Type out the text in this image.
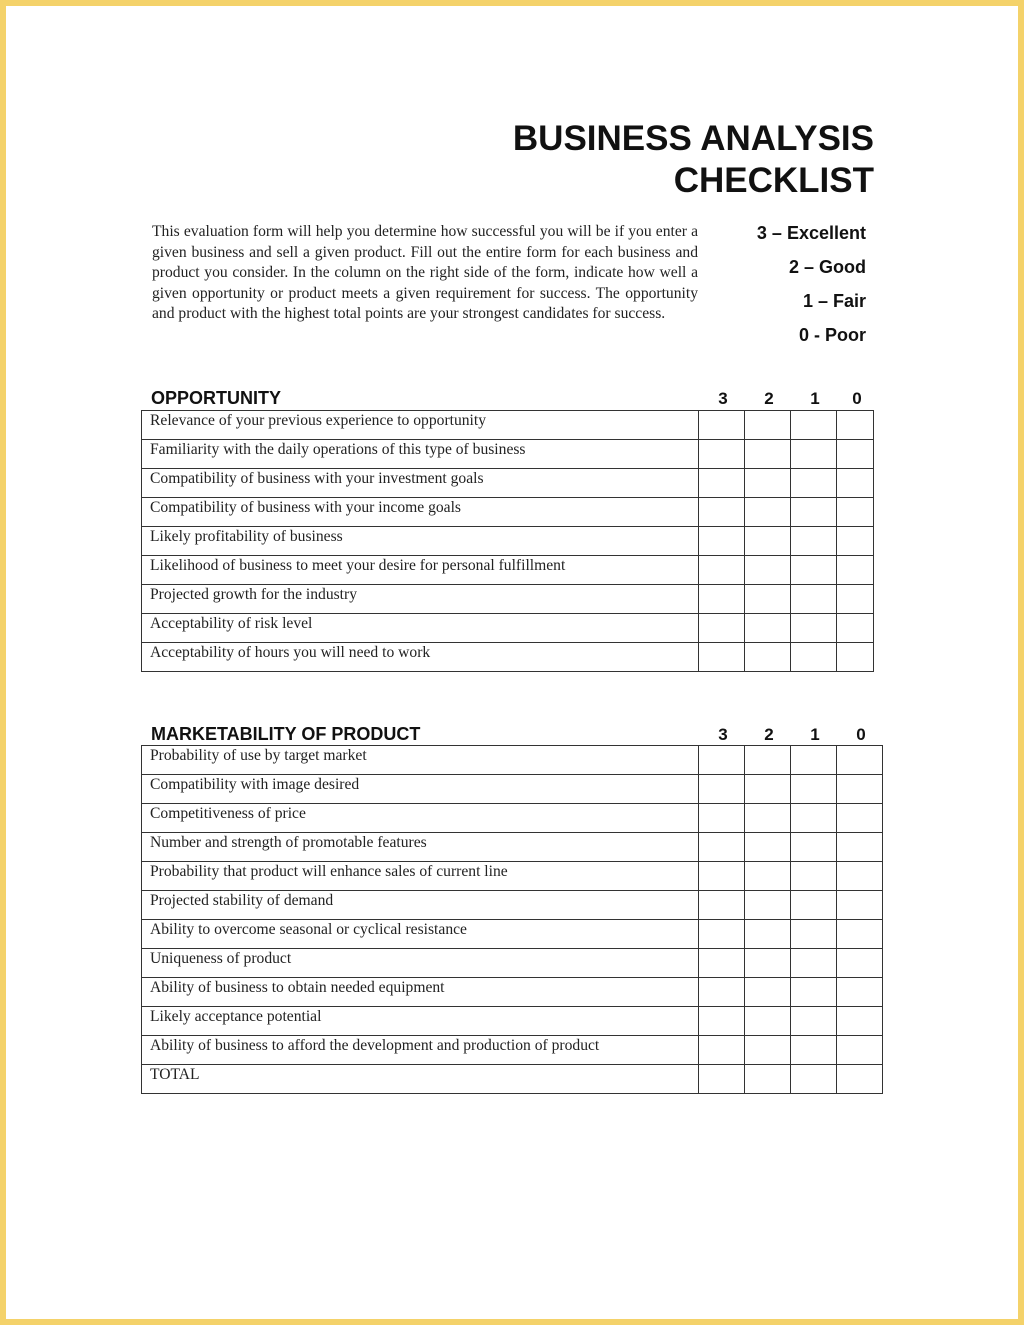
BUSINESS ANALYSIS
CHECKLIST
This evaluation form will help you determine how successful you will be if you enter a given business and sell a given product. Fill out the entire form for each business and product you consider. In the column on the right side of the form, indicate how well a given opportunity or product meets a given requirement for success. The opportunity and product with the highest total points are your strongest candidates for success.
3 – Excellent
2 – Good
1 – Fair
0 - Poor
OPPORTUNITY	3	2	1	0
Relevance of your previous experience to opportunity				
Familiarity with the daily operations of this type of business				
Compatibility of business with your investment goals				
Compatibility of business with your income goals				
Likely profitability of business				
Likelihood of business to meet your desire for personal fulfillment				
Projected growth for the industry				
Acceptability of risk level				
Acceptability of hours you will need to work				
MARKETABILITY OF PRODUCT	3	2	1	0
Probability of use by target market				
Compatibility with image desired				
Competitiveness of price				
Number and strength of promotable features				
Probability that product will enhance sales of current line				
Projected stability of demand				
Ability to overcome seasonal or cyclical resistance				
Uniqueness of product				
Ability of business to obtain needed equipment				
Likely acceptance potential				
Ability of business to afford the development and production of product				
TOTAL				
